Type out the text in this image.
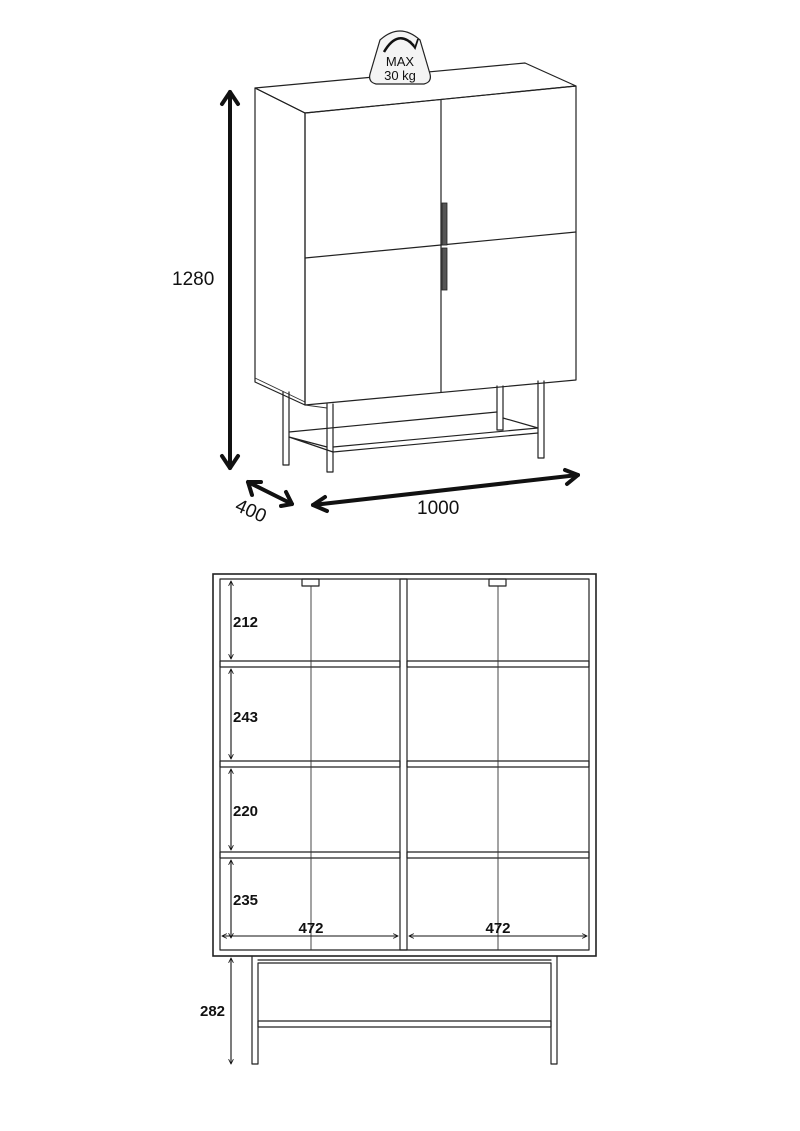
MAX
30 kg
1280
400	1000
212
243
220
235
472	472
282
